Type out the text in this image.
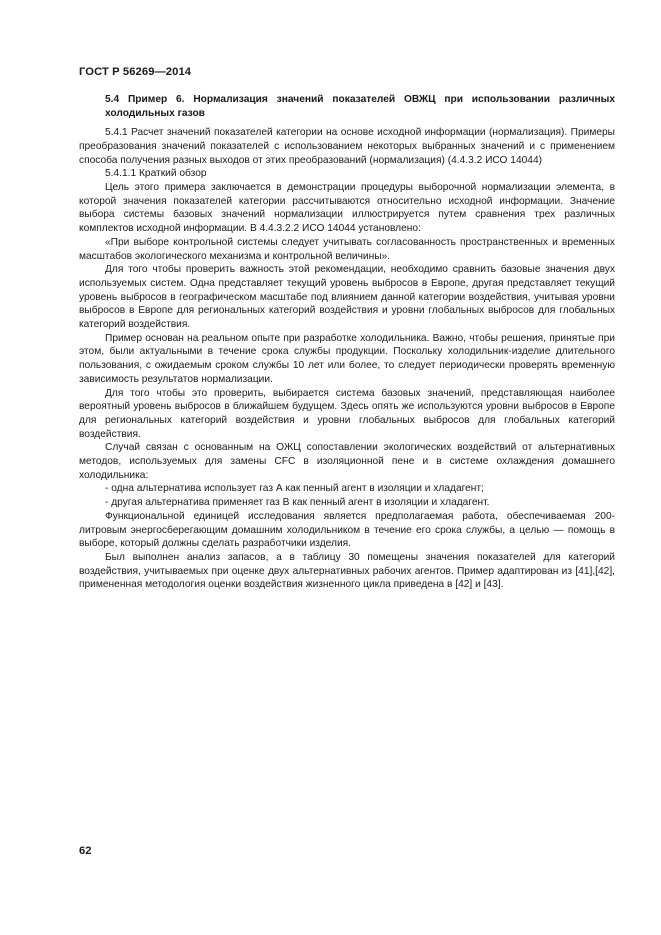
ГОСТ Р 56269—2014

5.4 Пример 6. Нормализация значений показателей ОВЖЦ при использовании различных холодильных газов

5.4.1 Расчет значений показателей категории на основе исходной информации (нормализация). Примеры преобразования значений показателей с использованием некоторых выбранных значений и с применением способа получения разных выходов от этих преобразований (нормализация) (4.4.3.2 ИСО 14044)

5.4.1.1 Краткий обзор

Цель этого примера заключается в демонстрации процедуры выборочной нормализации элемента, в которой значения показателей категории рассчитываются относительно исходной информации. Значение выбора системы базовых значений нормализации иллюстрируется путем сравнения трех различных комплектов исходной информации. В 4.4.3.2.2 ИСО 14044 установлено:

«При выборе контрольной системы следует учитывать согласованность пространственных и временных масштабов экологического механизма и контрольной величины».

Для того чтобы проверить важность этой рекомендации, необходимо сравнить базовые значения двух используемых систем. Одна представляет текущий уровень выбросов в Европе, другая представляет текущий уровень выбросов в географическом масштабе под влиянием данной категории воздействия, учитывая уровни выбросов в Европе для региональных категорий воздействия и уровни глобальных выбросов для глобальных категорий воздействия.

Пример основан на реальном опыте при разработке холодильника. Важно, чтобы решения, принятые при этом, были актуальными в течение срока службы продукции. Поскольку холодильник-изделие длительного пользования, с ожидаемым сроком службы 10 лет или более, то следует периодически проверять временную зависимость результатов нормализации.

Для того чтобы это проверить, выбирается система базовых значений, представляющая наиболее вероятный уровень выбросов в ближайшем будущем. Здесь опять же используются уровни выбросов в Европе для региональных категорий воздействия и уровни глобальных выбросов для глобальных категорий воздействия.

Случай связан с основанным на ОЖЦ сопоставлении экологических воздействий от альтернативных методов, используемых для замены CFC в изоляционной пене и в системе охлаждения домашнего холодильника:

- одна альтернатива использует газ А как пенный агент в изоляции и хладагент;

- другая альтернатива применяет газ В как пенный агент в изоляции и хладагент.

Функциональной единицей исследования является предполагаемая работа, обеспечиваемая 200-литровым энергосберегающим домашним холодильником в течение его срока службы, а целью — помощь в выборе, который должны сделать разработчики изделия.

Был выполнен анализ запасов, а в таблицу 30 помещены значения показателей для категорий воздействия, учитываемых при оценке двух альтернативных рабочих агентов. Пример адаптирован из [41],[42], примененная методология оценки воздействия жизненного цикла приведена в [42] и [43].

62
